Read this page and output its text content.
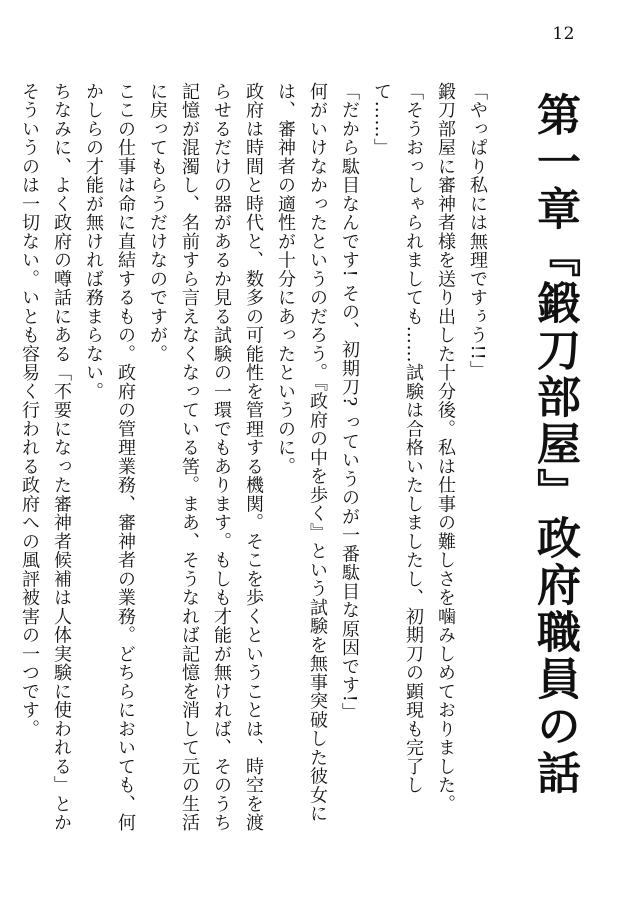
12
第一章『鍛刀部屋』政府職員の話

「やっぱり私には無理ですぅう!!」

鍛刀部屋に審神者様を送り出した十分後。私は仕事の難しさを噛みしめておりました。

「そうおっしゃられましても……試験は合格いたしましたし、初期刀の顕現も完了して……」

「だから駄目なんです! その、初期刀? っていうのが一番駄目な原因です!」

何がいけなかったというのだろう。『政府の中を歩く』という試験を無事突破した彼女には、審神者の適性が十分にあったというのに。

政府は時間と時代と、数多の可能性を管理する機関。そこを歩くということは、時空を渡らせるだけの器があるか見る試験の一環でもあります。もしも才能が無ければ、そのうち記憶が混濁し、名前すら言えなくなっている筈。まあ、そうなれば記憶を消して元の生活に戻ってもらうだけなのですが。

ここの仕事は命に直結するもの。政府の管理業務、審神者の業務。どちらにおいても、何かしらの才能が無ければ務まらない。

ちなみに、よく政府の噂話にある「不要になった審神者候補は人体実験に使われる」とかそういうのは一切ない。いとも容易く行われる政府への風評被害の一つです。
